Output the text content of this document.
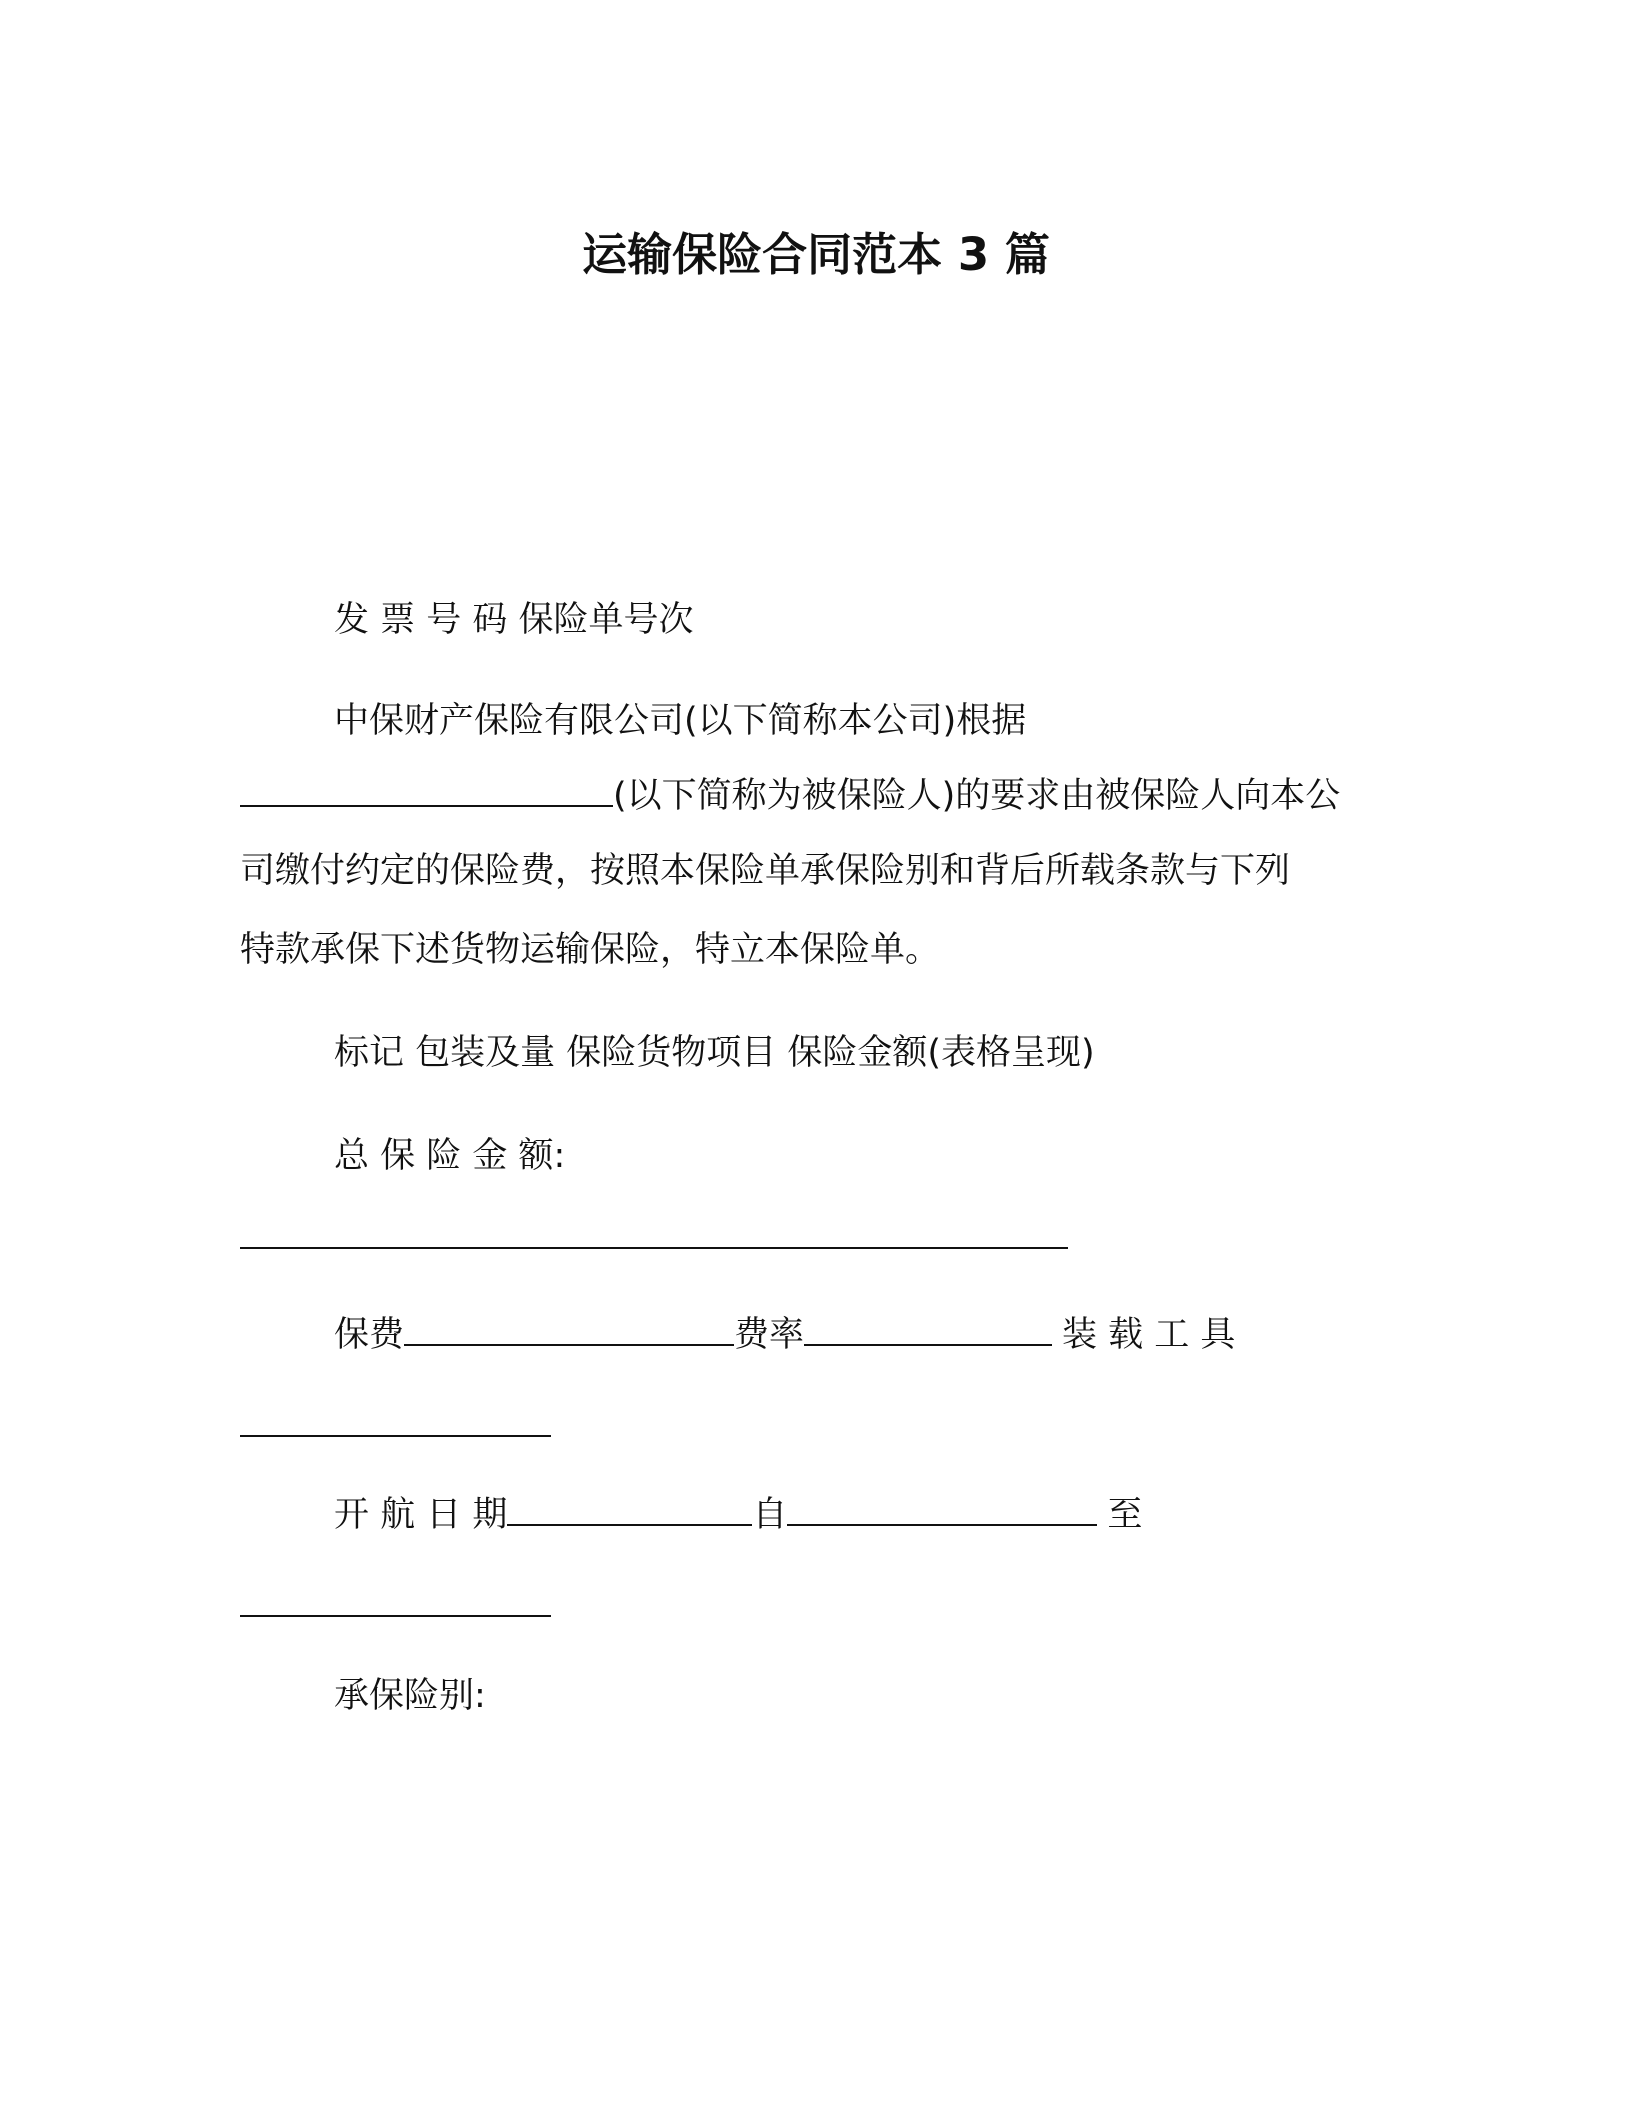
运输保险合同范本 3 篇
发 票 号 码 保险单号次
中保财产保险有限公司(以下简称本公司)根据
(以下简称为被保险人)的要求由被保险人向本公
司缴付约定的保险费，按照本保险单承保险别和背后所载条款与下列
特款承保下述货物运输保险，特立本保险单。
标记 包装及量 保险货物项目 保险金额(表格呈现)
总 保 险 金 额:
保费	费率	装 载 工 具
开 航 日 期	自	至
承保险别:
